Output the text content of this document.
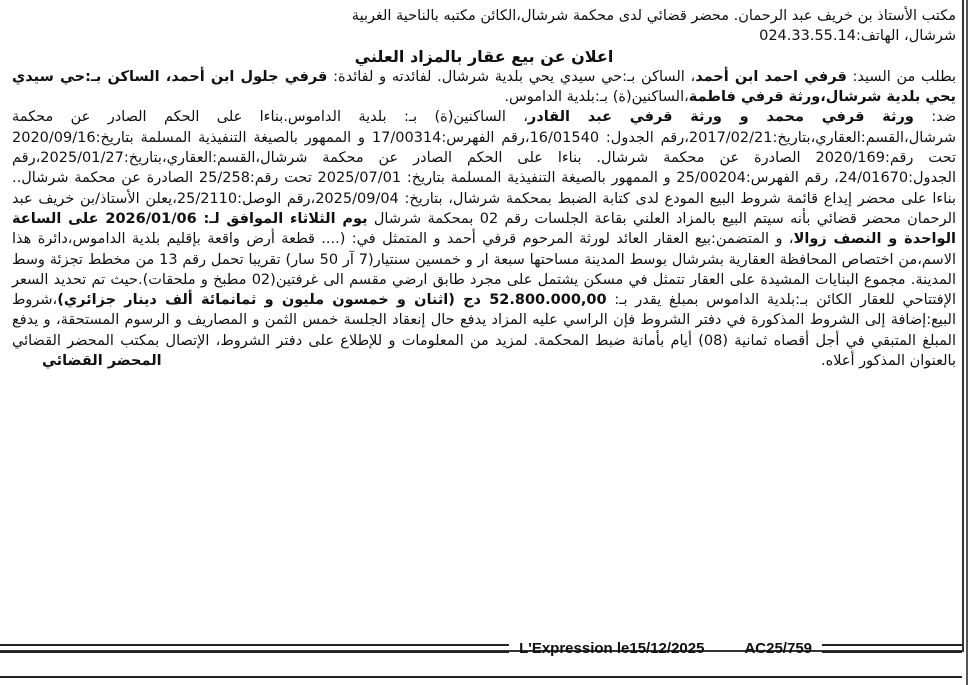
مكتب الأستاذ بن خريف عبد الرحمان. محضر قضائي لدى محكمة شرشال،الكائن مكتبه بالناحية الغربية
شرشال، الهاتف:024.33.55.14

اعلان عن بيع عقار بالمزاد العلني

بطلب من السيد: قرفي احمد ابن أحمد، الساكن بـ:حي سيدي يحي بلدية شرشال. لفائدته و لفائدة: قرفي جلول ابن أحمد، الساكن بـ:حي سيدي يحي بلدية شرشال،ورثة قرفي فاطمة،الساكنين(ة) بـ:بلدية الداموس.

ضد: ورثة قرفي محمد و ورثة قرفي عبد القادر، الساكنين(ة) بـ: بلدية الداموس.بناءا على الحكم الصادر عن محكمة شرشال،القسم:العقاري،بتاريخ:2017/02/21،رقم الجدول: 16/01540،رقم الفهرس:17/00314 و الممهور بالصيغة التنفيذية المسلمة بتاريخ:2020/09/16 تحت رقم:2020/169 الصادرة عن محكمة شرشال. بناءا على الحكم الصادر عن محكمة شرشال،القسم:العقاري،بتاريخ:2025/01/27،رقم الجدول:24/01670، رقم الفهرس:25/00204 و الممهور بالصيغة التنفيذية المسلمة بتاريخ: 2025/07/01 تحت رقم:25/258 الصادرة عن محكمة شرشال.. بناءا على محضر إيداع قائمة شروط البيع المودع لدى كتابة الضبط بمحكمة شرشال، بتاريخ: 2025/09/04،رقم الوصل:25/2110،يعلن الأستاذ/بن خريف عبد الرحمان محضر قضائي بأنه سيتم البيع بالمزاد العلني بقاعة الجلسات رقم 02 بمحكمة شرشال يوم الثلاثاء الموافق لـ: 2026/01/06 على الساعة الواحدة و النصف زوالا، و المتضمن:بيع العقار العائد لورثة المرحوم قرفي أحمد و المتمثل في: (.... قطعة أرض واقعة بإقليم بلدية الداموس،دائرة هذا الاسم،من اختصاص المحافظة العقارية بشرشال بوسط المدينة مساحتها سبعة ار و خمسين سنتيار(7 آر 50 سار) تقريبا تحمل رقم 13 من مخطط تجزئة وسط المدينة. مجموع البنايات المشيدة على العقار تتمثل في مسكن يشتمل على مجرد طابق ارضي مقسم الى غرفتين(02 مطبخ و ملحقات).حيث تم تحديد السعر الإفتتاحي للعقار الكائن بـ:بلدية الداموس بمبلغ يقدر بـ: 52.800.000,00 دج (اثنان و خمسون مليون و ثمانمائة ألف دينار جزائري)،شروط البيع:إضافة إلى الشروط المذكورة في دفتر الشروط فإن الراسي عليه المزاد يدفع حال إنعقاد الجلسة خمس الثمن و المصاريف و الرسوم المستحقة، و يدفع المبلغ المتبقي في أجل أقصاه ثمانية (08) أيام بأمانة ضبط المحكمة. لمزيد من المعلومات و للإطلاع على دفتر الشروط، الإتصال بمكتب المحضر القضائي بالعنوان المذكور أعلاه.

المحضر القضائي
L'Expression le15/12/2025	AC25/759
